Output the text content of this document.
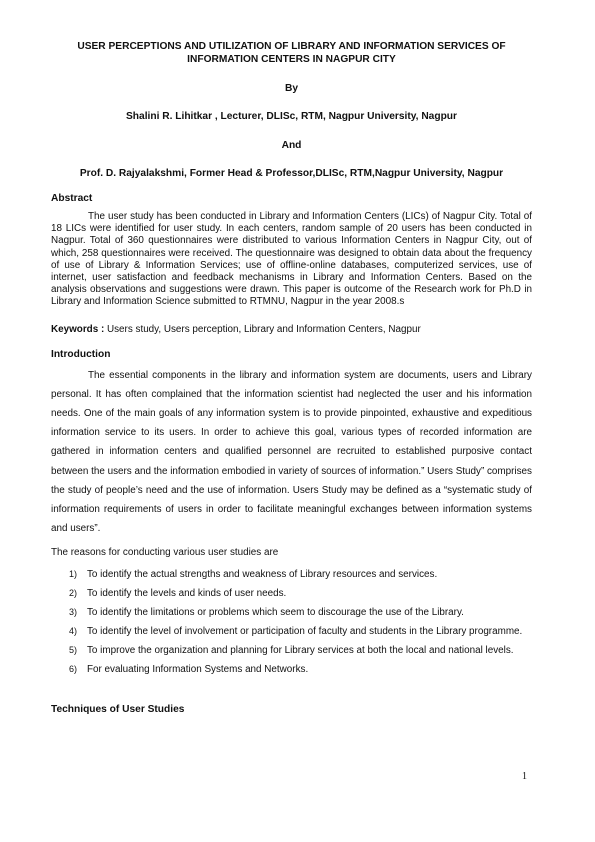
USER PERCEPTIONS AND UTILIZATION OF LIBRARY AND INFORMATION SERVICES OF INFORMATION CENTERS IN NAGPUR CITY

By

Shalini R. Lihitkar , Lecturer, DLISc, RTM, Nagpur University, Nagpur

And

Prof. D. Rajyalakshmi, Former Head & Professor,DLISc, RTM,Nagpur University, Nagpur

Abstract

The user study has been conducted in Library and Information Centers (LICs) of Nagpur City. Total of 18 LICs were identified for user study. In each centers, random sample of 20 users has been conducted in Nagpur. Total of 360 questionnaires were distributed to various Information Centers in Nagpur City, out of which, 258 questionnaires were received. The questionnaire was designed to obtain data about the frequency of use of Library & Information Services; use of offline-online databases, computerized services, use of internet, user satisfaction and feedback mechanisms in Library and Information Centers. Based on the analysis observations and suggestions were drawn. This paper is outcome of the Research work for Ph.D in Library and Information Science submitted to RTMNU, Nagpur in the year 2008.s

Keywords : Users study, Users perception, Library and Information Centers, Nagpur

Introduction

The essential components in the library and information system are documents, users and Library personal. It has often complained that the information scientist had neglected the user and his information needs. One of the main goals of any information system is to provide pinpointed, exhaustive and expeditious information service to its users. In order to achieve this goal, various types of recorded information are gathered in information centers and qualified personnel are recruited to established purposive contact between the users and the information embodied in variety of sources of information.” Users Study” comprises the study of people’s need and the use of information. Users Study may be defined as a “systematic study of information requirements of users in order to facilitate meaningful exchanges between information systems and users”.

The reasons for conducting various user studies are

1) To identify the actual strengths and weakness of Library resources and services.
2) To identify the levels and kinds of user needs.
3) To identify the limitations or problems which seem to discourage the use of the Library.
4) To identify the level of involvement or participation of faculty and students in the Library programme.
5) To improve the organization and planning for Library services at both the local and national levels.
6) For evaluating Information Systems and Networks.
Techniques of User Studies
1
